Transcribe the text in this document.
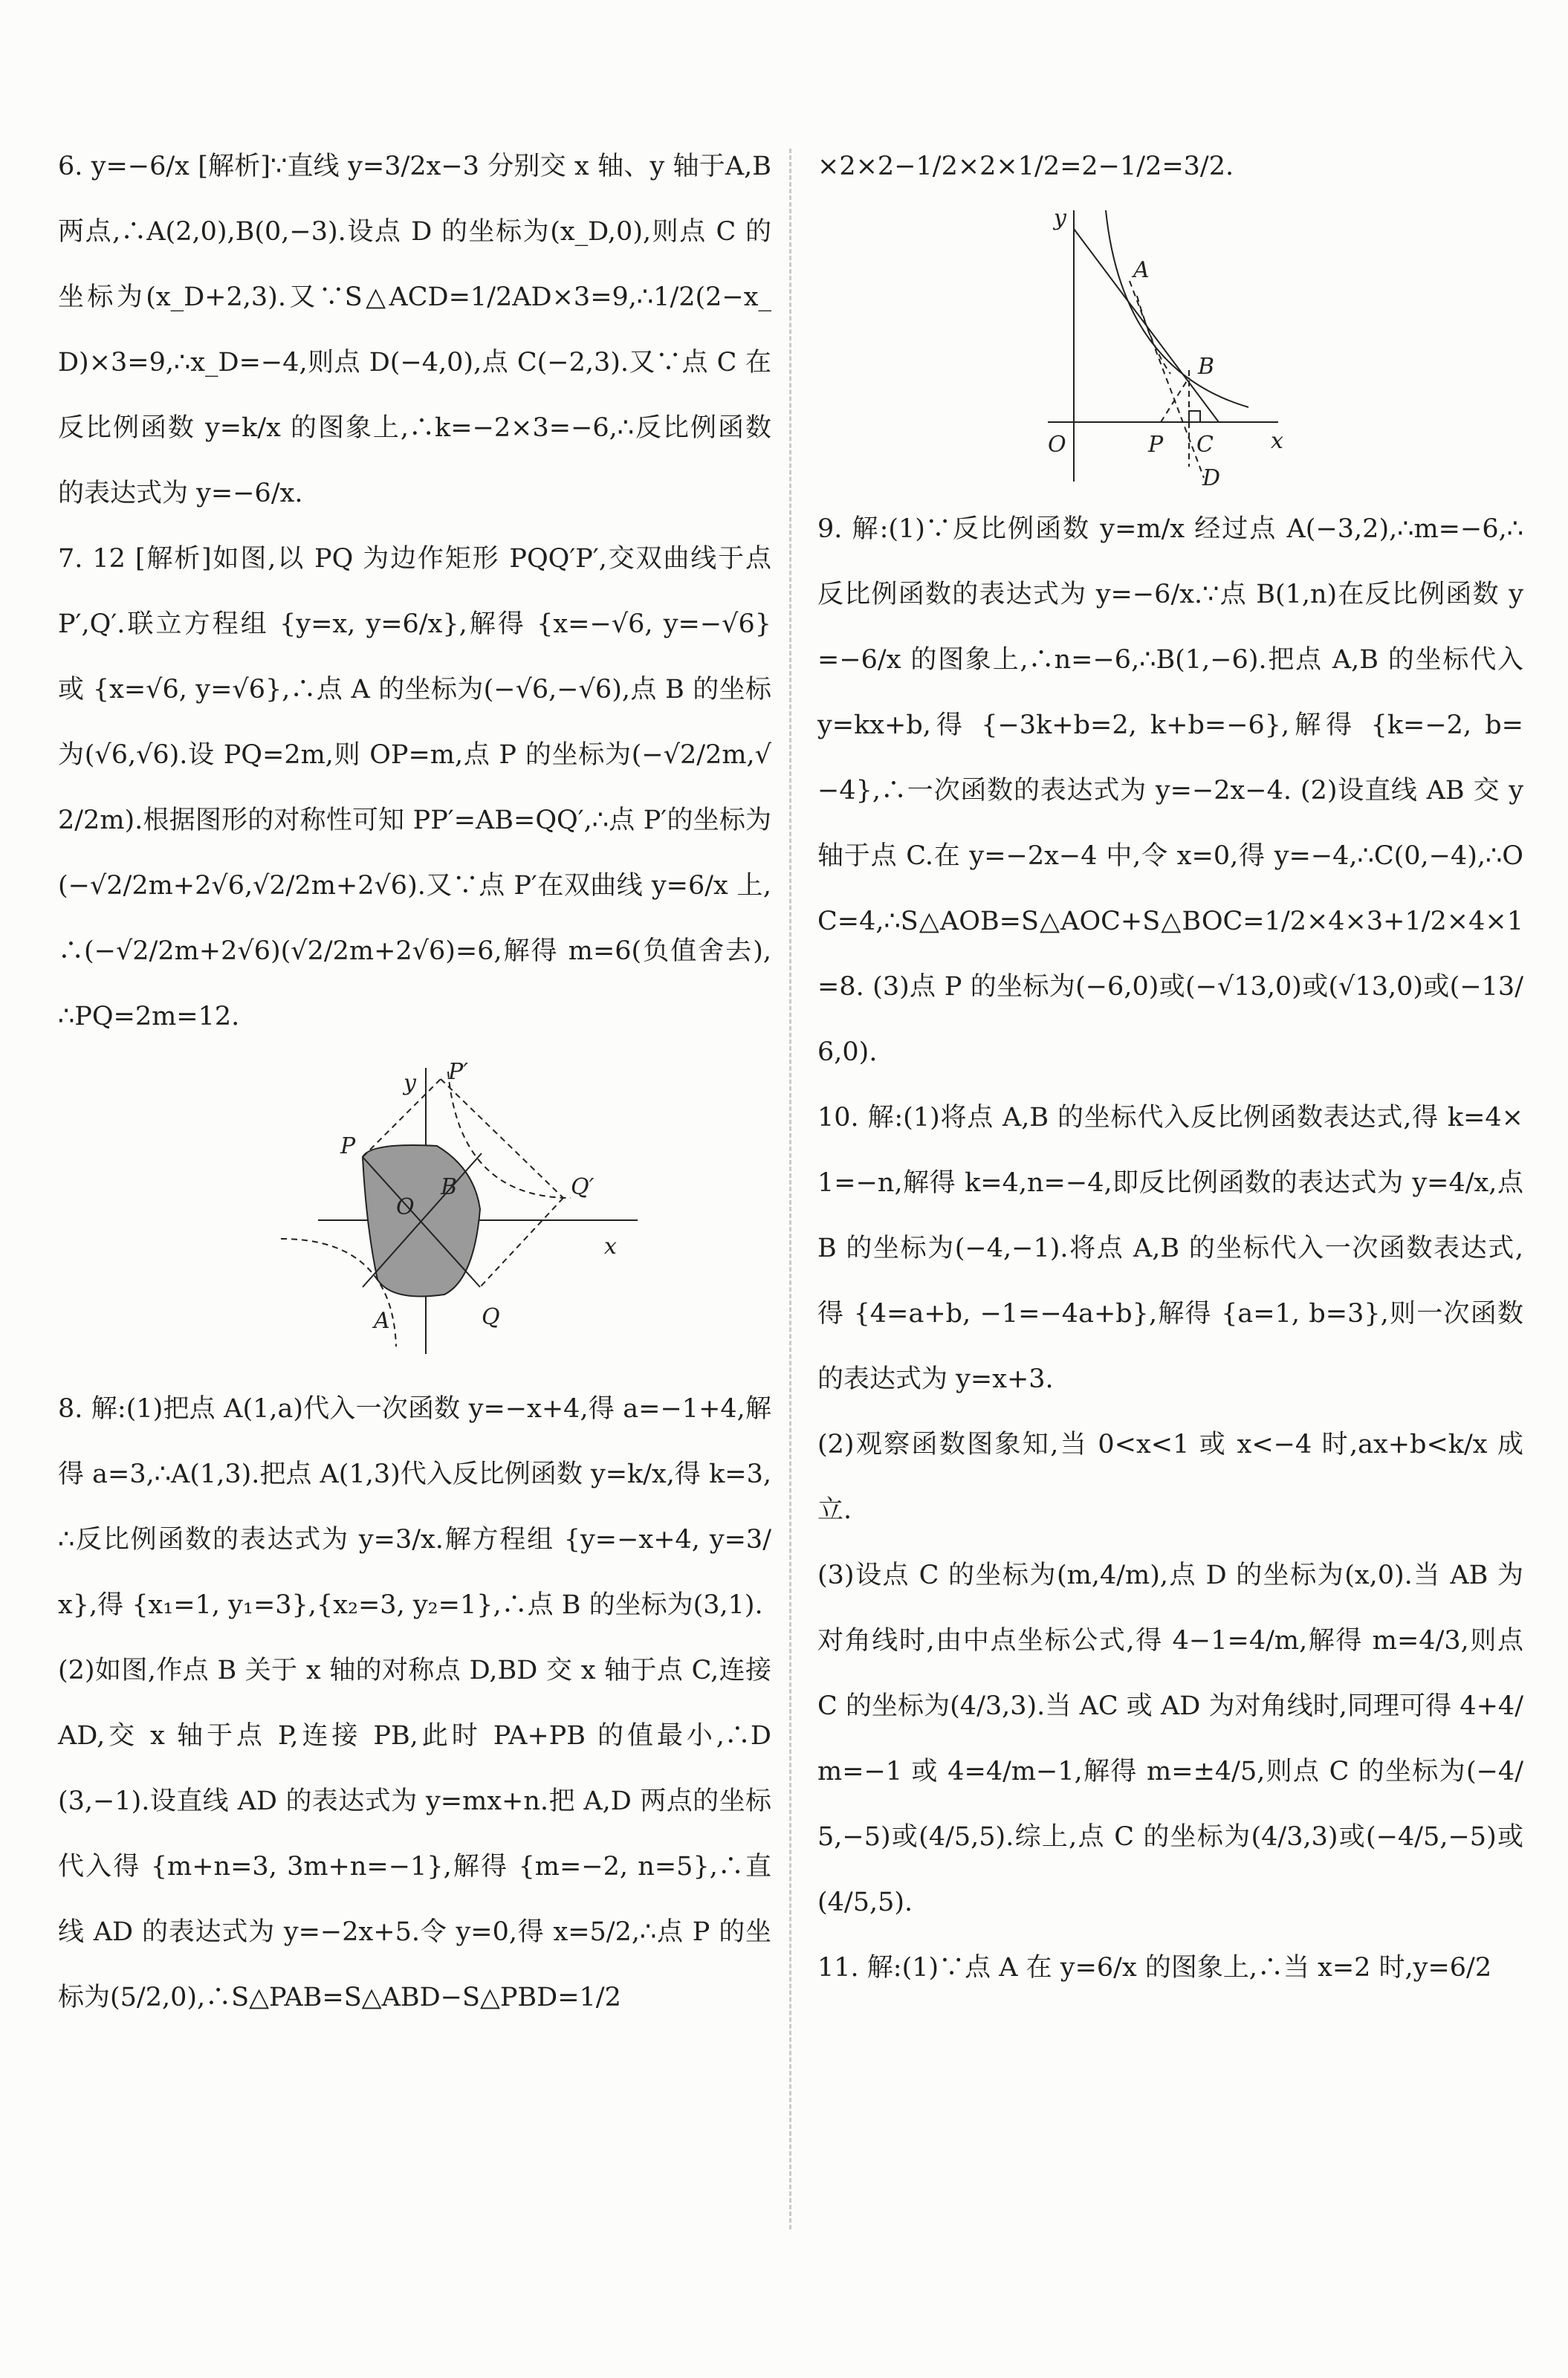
6. y=−6/x [解析]∵直线 y=3/2x−3 分别交 x 轴、y 轴于A,B 两点,∴A(2,0),B(0,−3).设点 D 的坐标为(x_D,0),则点 C 的坐标为(x_D+2,3).又∵S△ACD=1/2AD×3=9,∴1/2(2−x_D)×3=9,∴x_D=−4,则点 D(−4,0),点 C(−2,3).又∵点 C 在反比例函数 y=k/x 的图象上,∴k=−2×3=−6,∴反比例函数的表达式为 y=−6/x.

7. 12 [解析]如图,以 PQ 为边作矩形 PQQ′P′,交双曲线于点 P′,Q′.联立方程组 {y=x, y=6/x},解得 {x=−√6, y=−√6} 或 {x=√6, y=√6},∴点 A 的坐标为(−√6,−√6),点 B 的坐标为(√6,√6).设 PQ=2m,则 OP=m,点 P 的坐标为(−√2/2m,√2/2m).根据图形的对称性可知 PP′=AB=QQ′,∴点 P′的坐标为(−√2/2m+2√6,√2/2m+2√6).又∵点 P′在双曲线 y=6/x 上,∴(−√2/2m+2√6)(√2/2m+2√6)=6,解得 m=6(负值舍去),∴PQ=2m=12.

y
x
P′
P
B	Q′
O
A	Q

8. 解:(1)把点 A(1,a)代入一次函数 y=−x+4,得 a=−1+4,解得 a=3,∴A(1,3).把点 A(1,3)代入反比例函数 y=k/x,得 k=3,∴反比例函数的表达式为 y=3/x.解方程组 {y=−x+4, y=3/x},得 {x₁=1, y₁=3},{x₂=3, y₂=1},∴点 B 的坐标为(3,1).

(2)如图,作点 B 关于 x 轴的对称点 D,BD 交 x 轴于点 C,连接 AD,交 x 轴于点 P,连接 PB,此时 PA+PB 的值最小,∴D(3,−1).设直线 AD 的表达式为 y=mx+n.把 A,D 两点的坐标代入得 {m+n=3, 3m+n=−1},解得 {m=−2, n=5},∴直线 AD 的表达式为 y=−2x+5.令 y=0,得 x=5/2,∴点 P 的坐标为(5/2,0),∴S△PAB=S△ABD−S△PBD=1/2

×2×2−1/2×2×1/2=2−1/2=3/2.

y
x
A
B
O	P C
D

9. 解:(1)∵反比例函数 y=m/x 经过点 A(−3,2),∴m=−6,∴反比例函数的表达式为 y=−6/x.∵点 B(1,n)在反比例函数 y=−6/x 的图象上,∴n=−6,∴B(1,−6).把点 A,B 的坐标代入 y=kx+b,得 {−3k+b=2, k+b=−6},解得 {k=−2, b=−4},∴一次函数的表达式为 y=−2x−4. (2)设直线 AB 交 y 轴于点 C.在 y=−2x−4 中,令 x=0,得 y=−4,∴C(0,−4),∴OC=4,∴S△AOB=S△AOC+S△BOC=1/2×4×3+1/2×4×1=8. (3)点 P 的坐标为(−6,0)或(−√13,0)或(√13,0)或(−13/6,0).

10. 解:(1)将点 A,B 的坐标代入反比例函数表达式,得 k=4×1=−n,解得 k=4,n=−4,即反比例函数的表达式为 y=4/x,点 B 的坐标为(−4,−1).将点 A,B 的坐标代入一次函数表达式,得 {4=a+b, −1=−4a+b},解得 {a=1, b=3},则一次函数的表达式为 y=x+3.

(2)观察函数图象知,当 0<x<1 或 x<−4 时,ax+b<k/x 成立.

(3)设点 C 的坐标为(m,4/m),点 D 的坐标为(x,0).当 AB 为对角线时,由中点坐标公式,得 4−1=4/m,解得 m=4/3,则点 C 的坐标为(4/3,3).当 AC 或 AD 为对角线时,同理可得 4+4/m=−1 或 4=4/m−1,解得 m=±4/5,则点 C 的坐标为(−4/5,−5)或(4/5,5).综上,点 C 的坐标为(4/3,3)或(−4/5,−5)或(4/5,5).

11. 解:(1)∵点 A 在 y=6/x 的图象上,∴当 x=2 时,y=6/2
